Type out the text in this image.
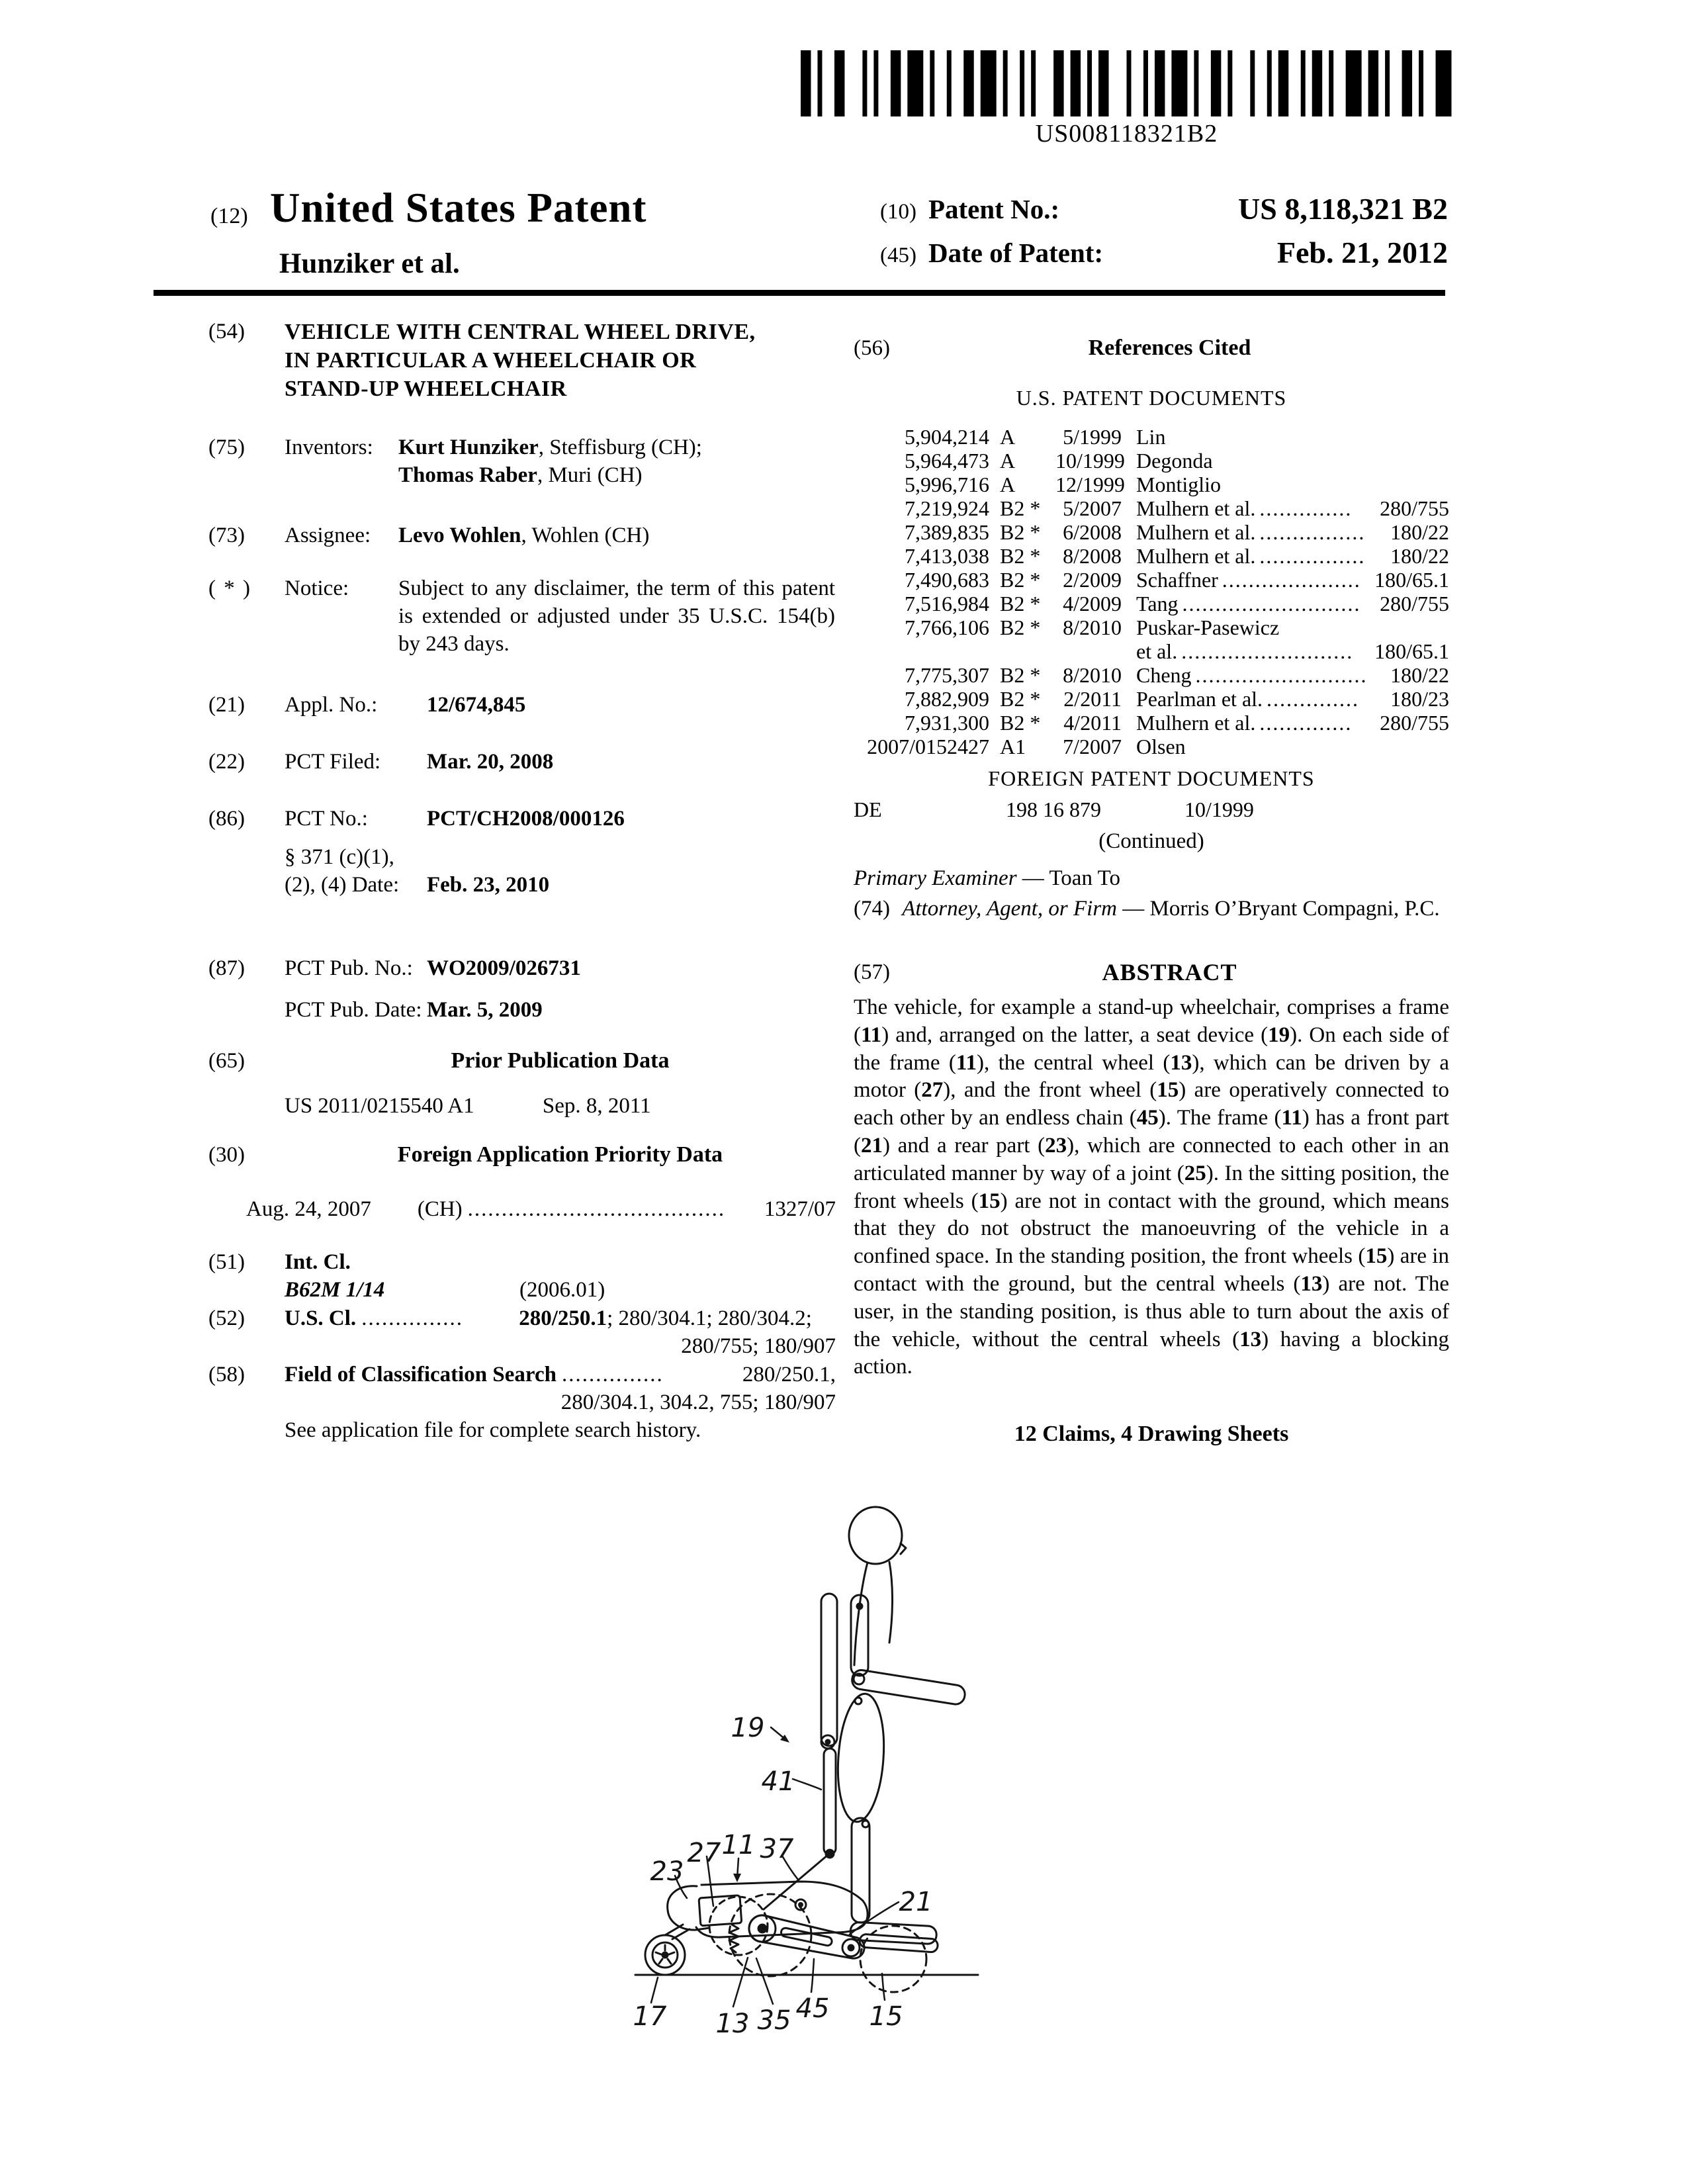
US008118321B2
(12) United States Patent
Hunziker et al.
(10) Patent No.:	US 8,118,321 B2
(45) Date of Patent:	Feb. 21, 2012
(54)	VEHICLE WITH CENTRAL WHEEL DRIVE,
IN PARTICULAR A WHEELCHAIR OR
STAND-UP WHEELCHAIR
(75)	Inventors:	Kurt Hunziker, Steffisburg (CH);
Thomas Raber, Muri (CH)
(73)	Assignee:	Levo Wohlen, Wohlen (CH)
( * )	Notice:	Subject to any disclaimer, the term of this patent is extended or adjusted under 35 U.S.C. 154(b) by 243 days.
(21)	Appl. No.:	12/674,845
(22)	PCT Filed:	Mar. 20, 2008
(86)	PCT No.:	PCT/CH2008/000126
§ 371 (c)(1),
(2), (4) Date:	Feb. 23, 2010
(87)	PCT Pub. No.: WO2009/026731
PCT Pub. Date: Mar. 5, 2009
(65)	Prior Publication Data
US 2011/0215540 A1	Sep. 8, 2011
(30)	Foreign Application Priority Data
Aug. 24, 2007 (CH) ......................................	1327/07
(51)	Int. Cl.
B62M 1/14	(2006.01)
(52)	U.S. Cl. ...............	280/250.1; 280/304.1; 280/304.2;
280/755; 180/907
(58)	Field of Classification Search ...............	280/250.1,
280/304.1, 304.2, 755; 180/907
See application file for complete search history.
(56)	References Cited
U.S. PATENT DOCUMENTS
5,904,214 A	5/1999 Lin
5,964,473 A	10/1999 Degonda
5,996,716 A	12/1999 Montiglio
7,219,924 B2 *	5/2007 Mulhern et al. ..............	280/755
7,389,835 B2 *	6/2008 Mulhern et al. ................	180/22
7,413,038 B2 *	8/2008 Mulhern et al. ................	180/22
7,490,683 B2 *	2/2009 Schaffner ..................... 180/65.1
7,516,984 B2 *	4/2009 Tang ........................... 280/755
7,766,106 B2 *	8/2010 Puskar-Pasewicz
et al. .......................... 180/65.1
7,775,307 B2 *	8/2010 Cheng ..........................	180/22
7,882,909 B2 *	2/2011 Pearlman et al. ..............	180/23
7,931,300 B2 *	4/2011 Mulhern et al. ..............	280/755
2007/0152427 A1	7/2007 Olsen
FOREIGN PATENT DOCUMENTS
DE	198 16 879	10/1999
(Continued)
Primary Examiner — Toan To
(74) Attorney, Agent, or Firm — Morris O’Bryant Compagni, P.C.
(57)	ABSTRACT
The vehicle, for example a stand-up wheelchair, comprises a frame (11) and, arranged on the latter, a seat device (19). On each side of the frame (11), the central wheel (13), which can be driven by a motor (27), and the front wheel (15) are operatively connected to each other by an endless chain (45). The frame (11) has a front part (21) and a rear part (23), which are connected to each other in an articulated manner by way of a joint (25). In the sitting position, the front wheels (15) are not in contact with the ground, which means that they do not obstruct the manoeuvring of the vehicle in a confined space. In the standing position, the front wheels (15) are in contact with the ground, but the central wheels (13) are not. The user, in the standing position, is thus able to turn about the axis of the vehicle, without the central wheels (13) having a blocking action.
12 Claims, 4 Drawing Sheets
19
41
27 11 37
23
21
17 13 35 45 15
